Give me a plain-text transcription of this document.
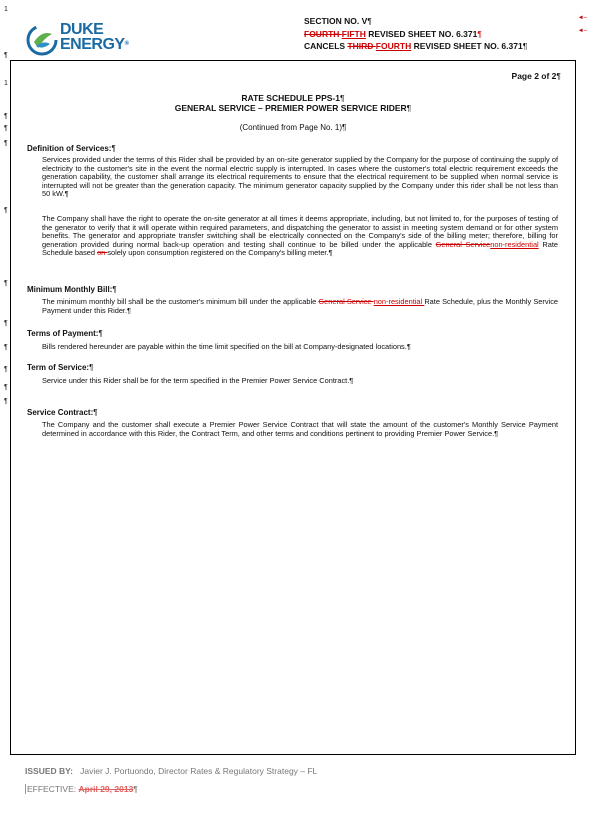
1
1
¶
¶
¶
¶
¶
¶
¶
¶
¶
¶
¶
DUKE
ENERGY®
SECTION NO. V¶
FOURTH FIFTH REVISED SHEET NO. 6.371¶
CANCELS THIRD FOURTH REVISED SHEET NO. 6.371¶
◄–
◄–
Page 2 of 2¶
RATE SCHEDULE PPS-1¶
GENERAL SERVICE – PREMIER POWER SERVICE RIDER¶
(Continued from Page No. 1)¶
Definition of Services:¶
Services provided under the terms of this Rider shall be provided by an on-site generator supplied by the Company for the purpose of continuing the supply of electricity to the customer's site in the event the normal electric supply is interrupted. In cases where the customer's total electric requirement exceeds the generation capability, the customer shall arrange its electrical requirements to ensure that the electrical requirement to be supplied when normal service is interrupted will not be greater than the generation capacity. The minimum generator capacity supplied by the Company under this rider shall be not less than 50 kW.¶
The Company shall have the right to operate the on-site generator at all times it deems appropriate, including, but not limited to, for the purposes of testing of the generator to verify that it will operate within required parameters, and dispatching the generator to assist in meeting system demand or for other system benefits. The generator and appropriate transfer switching shall be electrically connected on the Company's side of the billing meter; therefore, billing for generation provided during normal back-up operation and testing shall continue to be billed under the applicable General Servicenon-residential Rate Schedule based on solely upon consumption registered on the Company's billing meter.¶
Minimum Monthly Bill:¶
The minimum monthly bill shall be the customer's minimum bill under the applicable General Service non-residential Rate Schedule, plus the Monthly Service Payment under this Rider.¶
Terms of Payment:¶
Bills rendered hereunder are payable within the time limit specified on the bill at Company-designated locations.¶
Term of Service:¶
Service under this Rider shall be for the term specified in the Premier Power Service Contract.¶
Service Contract:¶
The Company and the customer shall execute a Premier Power Service Contract that will state the amount of the customer's Monthly Service Payment determined in accordance with this Rider, the Contract Term, and other terms and conditions pertinent to providing Premier Power Service.¶
ISSUED BY: Javier J. Portuondo, Director Rates & Regulatory Strategy – FL
EFFECTIVE: April 29, 2013¶
